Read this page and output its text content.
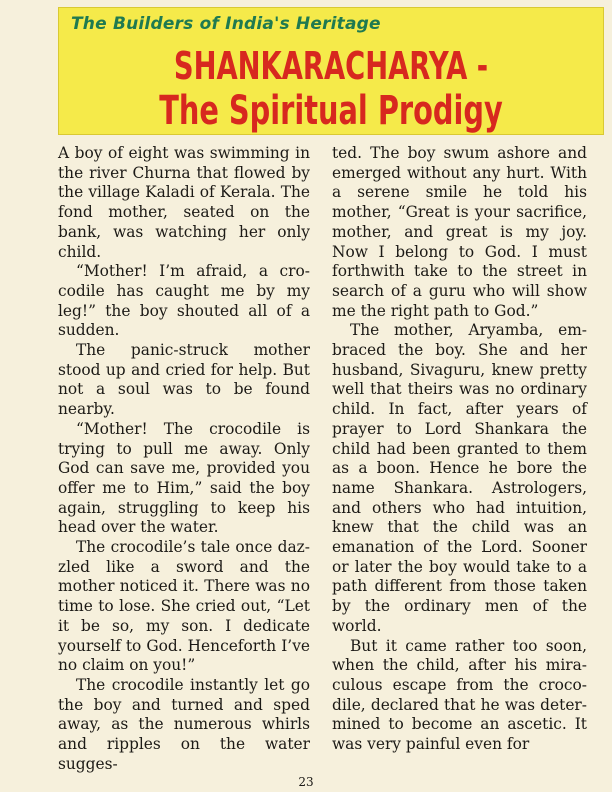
The Builders of India's Heritage
SHANKARACHARYA -
The Spiritual Prodigy

A boy of eight was swimming in the river Churna that flowed by the village Kaladi of Kerala. The fond mother, seated on the bank, was watching her only child.

“Mother! I’m afraid, a crocodile has caught me by my leg!” the boy shouted all of a sudden.

The panic-struck mother stood up and cried for help. But not a soul was to be found nearby.

“Mother! The crocodile is trying to pull me away. Only God can save me, provided you offer me to Him,” said the boy again, struggling to keep his head over the water.

The crocodile’s tale once dazzled like a sword and the mother noticed it. There was no time to lose. She cried out, “Let it be so, my son. I dedicate yourself to God. Henceforth I’ve no claim on you!”

The crocodile instantly let go the boy and turned and sped away, as the numerous whirls and ripples on the water sugges-

ted. The boy swum ashore and emerged without any hurt. With a serene smile he told his mother, “Great is your sacrifice, mother, and great is my joy. Now I belong to God. I must forthwith take to the street in search of a guru who will show me the right path to God.”

The mother, Aryamba, embraced the boy. She and her husband, Sivaguru, knew pretty well that theirs was no ordinary child. In fact, after years of prayer to Lord Shankara the child had been granted to them as a boon. Hence he bore the name Shankara. Astrologers, and others who had intuition, knew that the child was an emanation of the Lord. Sooner or later the boy would take to a path different from those taken by the ordinary men of the world.

But it came rather too soon, when the child, after his miraculous escape from the crocodile, declared that he was determined to become an ascetic. It was very painful even for

23
